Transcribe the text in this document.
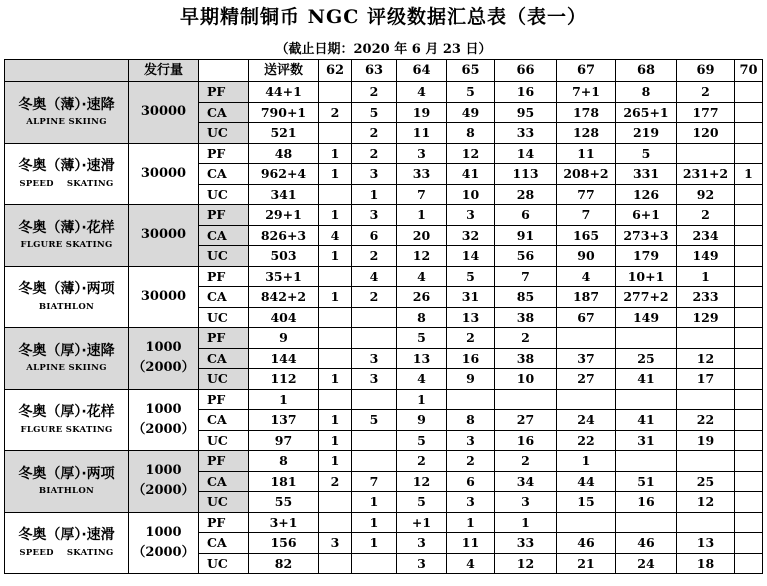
早期精制铜币 NGC 评级数据汇总表（表一）
（截止日期：2020 年 6 月 23 日）
	发行量		送评数	62	63	64	65	66	67	68	69	70

冬奥（薄）·速降
ALPINE SKIING	30000	PF	44+1		2	4	5	16	7+1	8	2	
		CA	790+1	2	5	19	49	95	178	265+1	177	
		UC	521		2	11	8	33	128	219	120	

冬奥（薄）·速滑
SPEED    SKATING	30000	PF	48	1	2	3	12	14	11	5		
		CA	962+4	1	3	33	41	113	208+2	331	231+2	1
		UC	341		1	7	10	28	77	126	92	

冬奥（薄）·花样
FLGURE SKATING	30000	PF	29+1	1	3	1	3	6	7	6+1	2	
		CA	826+3	4	6	20	32	91	165	273+3	234	
		UC	503	1	2	12	14	56	90	179	149	

冬奥（薄）·两项
BIATHLON	30000	PF	35+1		4	4	5	7	4	10+1	1	
		CA	842+2	1	2	26	31	85	187	277+2	233	
		UC	404			8	13	38	67	149	129	

冬奥（厚）·速降
ALPINE SKIING	1000
（2000）	PF	9			5	2	2				
		CA	144		3	13	16	38	37	25	12	
		UC	112	1	3	4	9	10	27	41	17	

冬奥（厚）·花样
FLGURE SKATING	1000
（2000）	PF	1			1						
		CA	137	1	5	9	8	27	24	41	22	
		UC	97	1		5	3	16	22	31	19	

冬奥（厚）·两项
BIATHLON	1000
（2000）	PF	8	1		2	2	2	1			
		CA	181	2	7	12	6	34	44	51	25	
		UC	55		1	5	3	3	15	16	12	

冬奥（厚）·速滑
SPEED    SKATING	1000
（2000）	PF	3+1		1	+1	1	1				
		CA	156	3	1	3	11	33	46	46	13	
		UC	82			3	4	12	21	24	18	
